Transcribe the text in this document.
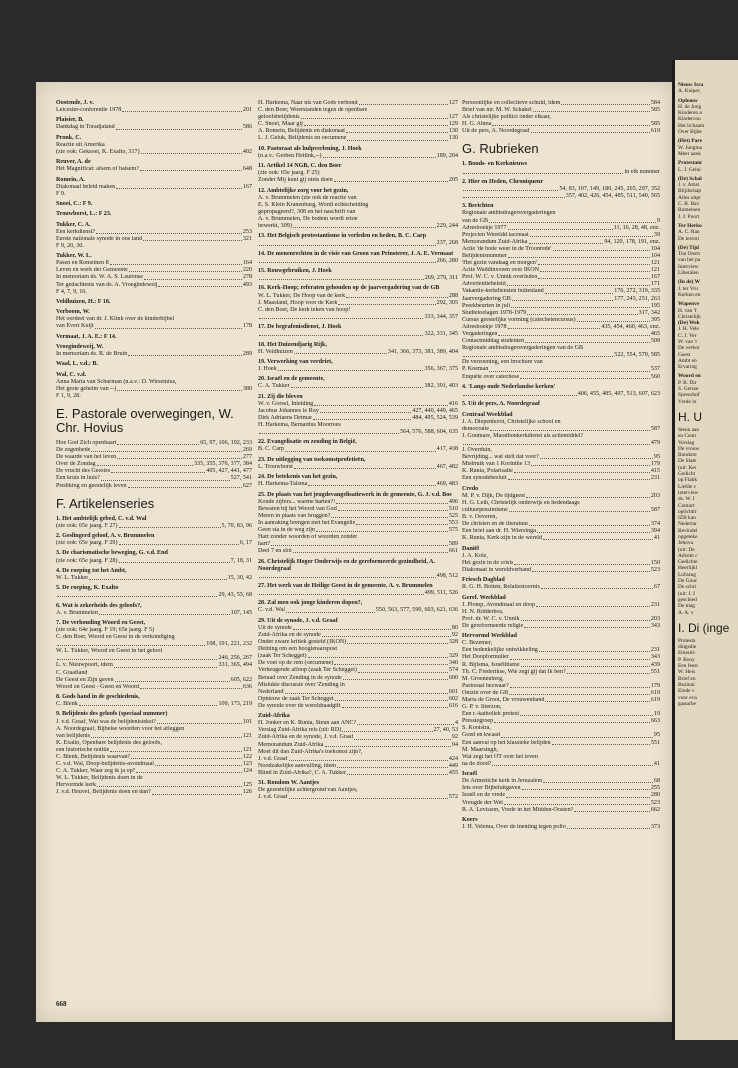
Oostende, J. v.
Leicester-conferentie 1978	201
Plaisier, B.
Dankdag in Toradjaland	586
Pronk, C.
Reactie uit Amerika
(zie ook: Geksoei, K. Exalto, 317)	402
Reuver, A. de
Het Magnificat: afsem of balsem?	648
Romein, A.
Diakonaal beleid maken	167
F 9.
Snoei, C.: F 9.
Trouwborst, L.: F 23.
Tukker, C. A.
Een kerkdienst?	253
Eerste nationale synode in ons land	321
F 9, 20, 30.
Tukker, W. L.
Pasen en Romeinen 8	164
Leven en werk der Gemeente	220
In memoriam ds. W. A. S. Laurense	278
Ter gedachtenis van ds. A. Vroegindeweij	493
F 4, 7, 9, 16.
Veldhuizen, H.: F 18.
Verboom, W.
Het oordeel van dr. J. Klink over de kinderbijbel
van Evert Kuijt	178
Vermaat, J. A. E.: F 14.
Vroegindeweij, W.
In memoriam ds. R. de Bruin	289
Waal, L. v.d.: B.
Wal, C. v.d.
Anna Maria van Schurman (n.a.v.: D. Wirsemius,
Het grote geheim van --)	380
F 1, 9, 28.
E. Pastorale overwegingen, W. Chr. Hovius
Hoe God Zich openbaart	65, 97, 106, 192, 233
De zegenbede	269
De waarde van het leven	277
Over de Zondag	335, 355, 376, 377, 384
De vrucht des Geestes	405, 427, 441, 477
Een kruis in huis?	527, 541
Prediking en geestelijk leven	627
F. Artikelenseries
1. Het ambtelijk gebed, C. v.d. Wal
(zie ook: 65e jaarg. F 27)	5, 70, 83, 96
2. Geslingerd geloof, A. v. Brummelen
(zie ook: 65e jaarg. F 29)	6, 17
3. De charismatische beweging, G. v.d. End
(zie ook: 65e jaarg. F 28)	7, 18, 31
4. De roeping tot het Ambt,
W. L. Tukker	15, 30, 42
5. De roeping, K. Exalto
29, 43, 55, 68
6. Wat is zekerheids des geloofs?,
A. v. Brummelen	107, 145
7. De verhouding Woord en Geest,
(zie ook: 64e jaarg. F 19; 65e jaarg. F 5)
C. den Boer, Woord en Geest in de verkondiging
108, 191, 221, 232
W. L. Tukker, Woord en Geest in het geloof
246, 256, 267
L. v. Nieuwpoort, idem	331, 365, 494
C. Graafland
De Geest en Zijn gaven	605, 622
Woord en Geest - Geest en Woord	636
8. Gods hand in de geschiedenis,
C. Blenk	109, 173, 219
9. Belijdenis des geloofs (speciaal nummer)
J. v.d. Graaf, Wat was de belijdenisiekst?	101
A. Noordegraaf, Bijbelse woorden voor het afleggen
van belijdenis	121
K. Exalto, Openbare belijdenis des geloofs,
een historische notitie	121
C. Blenk, Belijdenis waarvan?	122
C. v.d. Wal, Doop-belijdenis-avondmaal	123
C. A. Tukker, Waar zeg ik ja op?	124
W. L. Tukker, Belijdenis doen in de
Hervormde kerk	125
J. v.d. Heuvel, Belijdenis doen en dan?	126
H. Harkema, Naar nis van Gods verbond	127
C. den Boer, Woerstanden tegen de openbare
geloofsbelijdenis	127
C. Snoei, Maar gij	129
A. Romein, Belijdenis en diakonaat	130
L. J. Geluk, Belijdenis en oecumene	130
10. Pastoraat als hulpverlening, J. Hoek
(n.a.v.: Gerben Heitink,--)	189, 204
11. Artikel 14 NGB, C. den Boer
(zie ook: 65e jaarg. F 25)
Zonder Mij kunt gij niets doen	205
12. Ambtelijke zorg voor het gezin,
A. v. Brummelen (zie ook de reactie van
E. S. Klein Kranenburg, Wordt echtscheiding
gepropageerd?, 308 en het naschrift van
A. v. Brummelen, De bodem wordt ertoe
bewerkt, 309)	229, 244
13. Het Belgisch protestantisme in verleden en heden, B. C. Carp
237, 268
14. De menenrechten in de visie van Groen van Prinsterer, J. A. E. Vermaat
266, 280
15. Rouwgebruiken, J. Hoek
269, 279, 311
16. Kerk-Hoop; referaten gehouden op de jaarvergadering van de GB
W. L. Tukker, De Hoop van de kerk	288
J. Maasland, Hoop voor de Kerk	292, 305
C. den Boer, De kerk teken van hoop!
333, 344, 357
17. De begrafenisdienst, J. Hoek
322, 331, 345
18. Het Duizendjarig Rijk,
H. Veldhuizen	341, 366, 373, 381, 389, 404
19. Verwerking van verdriet,
J. Hoek	356, 367, 375
20. Israël en de gemeente,
C. A. Tukker	382, 391, 403
21. Zij die bleven
W. v. Gorsel, Inleiding	416
Jacobus Johannes le Roy	427, 440, 449, 465
Dirk Adriaens Detmar	484, 495, 524, 539
H. Harkema, Bernardus Moorrees
564, 576, 588, 604, 635
22. Evangelisatie en zending in België,
B. C. Carp	417, 438
23. De uitlegging van toekomstprofetieën,
L. Trouwborst	467, 482
24. De betekenis van het gezin,
H. Harkema-Talsma	469, 483
25. De plaats van het jeugdevangelisatiewerk in de gemeente, G. J. v.d. Bos
Koude zijfers... warme harten?!	496
Bewaren bij het Woord van God	510
Meren in plaats van bruggen?	525
In aanraking brengen met het Evangelie	553
Geen sta in de weg zijn	575
Hart zonder woorden of woorden zonder
hart?	589
Deel 7 en slot	661
26. Christelijk Hoger Onderwijs en de gereformeerde gezindheid, A. Noordegraaf
498, 512
27. Het werk van de Heilige Geest in de gemeente, A. v. Brummelen
499, 511, 526
28. Zal men ook jonge kinderen dopen?,
C. v.d. Wal	550, 563, 577, 590, 603, 621, 636
29. Uit de synode, J. v.d. Graaf
Uit de synode	80
Zuid-Afrika en de synode	92
Onder zware kritiek gesteld (IKON)	328
Deining om een hoogleraarspost
(zaak Ter Schegget)	329
De voet op de rem (oecumene)	340
Verheugende afloop (zaak Ter Schegget)	574
Beraad over Zending in de synode	600
Mislukte discussie over 'Zending in
Nederland'	601
Opnieuw de zaak Ter Schegget	602
De synode over de wereldraadgift	616
Zuid-Afrika
H. Jonker en K. Runia, Steun aan ANC?	4
Verslag Zuid-Afrika reis (uit: RD)	27, 40, 53
Zuid-Afrika en de synode, J. v.d. Graaf	92
Memorandum Zuid-Afrika	94
Moet dit dan Zuid-Afrika's toekomst zijn?,
J. v.d. Graaf	424
Noodzakelijke aanvulling, idem	449
Blind in Zuid-Afrika?, C. A. Tukker	455
31. Rondom W. Aantjes
De gezestelijke achtergrond van Aantjes,
J. v.d. Graaf	572
Persoonlijke en collectieve schuld, idem	584
Brief van mr. M. W. Schakel	585
Als christelijke politici onder elkaar,
H. G. Abma	585
Uit de pers, A. Noordegraaf	619
G. Rubrieken
1. Bonds- en Kerknieuws
in elk nummer
2. Hier en Heden, Chroniqueur
54, 83, 107, 149, 180, 245, 265, 297, 352
357, 402, 426, 454, 485, 511, 540, 565
3. Berichten
Regionale ambtsdragersvergaderingen
van de GB	9
Adresboekje 1977	11, 16, 28, 48, enz.
Projecten Wereldd iaconaat	39
Memorandum Zuid-Afrika	94, 120, 178, 191, enz.
Actie 'de bode weer in de Troonrede'	104
Belijdenisnummer	104
'Het gezin vandaag en morgen'	121
Actie Waddinxveen over IKON	121
Prof. W. C. v. Unnik overleden	167
Advertentiebeleid	171
Vakantie-kerkdiensten buitenland	176, 272, 319, 335
Jaarvergadering GB	177, 243, 251, 263
Preekbeurten in juli	195
Studietoelagen 1978-1979	317, 342
Cursus geestelijke vorming (catechetencursus)	395
Adresboekje 1978	435, 454, 460, 463, enz.
Vergaderingen	465
Contactmiddag studenten	508
Regionale ambtsdragersvergaderingen van de GB
522, 554, 579, 585
De verzoening, een brochure van
P. Koeman	537
Enquête over catechese	560
4. 'Langs oude Nederlandse kerken'
406, 455, 485, 497, 513, 607, 623
5. Uit de pers, A. Noordegraaf
Centraal Weekblad
J. A. Diepenhorst, Christelijke school en
democratie	587
J. Goumare, Marathonkerkdienst als actiemiddel?
479
J. Overduin,
Bevrijding... wat stelt dat voor?	95
Misbruik van 1 Korinthe 13	179
K. Runia, Polarisatie	415
Een synodebesluit	231
Credo
M. P. v. Dijk, De tijdgeest	203
H. G. Leih, Christelijk onderwijs en hedendaags
cultuurpessimisme	587
B. v. Oeveren,
De christen en de literatuur	374
Een brief aan dr. H. Wiersinga	394
K. Runia, Kerk-zijn in de wereld	41
Daniël
J. A. Kole,
Het gezin in de crisis	150
Diakonaat in wereldverband	523
Friesch Dagblad
R. G. H. Boiten, Relatiestoornis	67
Geref. Weekblad
J. Plomp, Avondmaal en doop	231
H. N. Ridderbos,
Prof. dr. W. C. v. Unnik	203
De gereformeerde religie	343
Hervormd Weekblad
C. Bezemer,
Een bedenkelijke ontwikkeling	231
Het Doopformulier	343
R. Bijlsma, Israëlitisme	439
Th. C. Frederikse, Wie zegt gij dat Ik ben?	551
M. Groenenberg,
Pastoraal bezwaar?	179
Omzin over de GB	619
Maria de Groot, De vrouwenhand	619
G. P. v. Itterzon,
Een r.-katholiek protest	19
Pressiegroep	663
S. Kooistra,
Goed en kwaad	95
Een aanval op het klassieke belijden	551
M. Maarsingh,
Wat zegt het OT over het leven
na de dood?	41
Israël
De Armeniche kerk in Jeruzalem	68
Iets over Bijbeluitgaven	255
Israël en de vrede	280
Vreugde der Wet	523
R. A. Levisson, Vrede in het Midden-Oosten?	662
Koers
J. H. Velema, Over de inenting tegen polio	373
668
Nieuw Isra
A. Kuiper,
Ophouw
H. de Jong
Kinderen a
Kindercou
Het lichaam
Over Bijbe
(Het) Pare
W. Jungma
Meer aank
Protestant
L. J. Gelui
(De) Schal
J. v. Amst
Blijdschap
Alles uitpr
C. B. Bav
Romeinen
J. J. Poort
Ter Herko
A. C. Ran
De terrori
(De) Tijd
Ton Oostv
van het pa
Interview
Liberalen
(In de) W
J. ter Vru
Kerken en
Wapenve
H. van 'f
Christelijk
(De) Wek
J. H. Vele
C. J. Ver
W. van 't
De verbor
Geest
Ambt en
Ervaring
Woord en
P. B. Dir
S. Gersse
Spreurhof
Vrede in
H. U
Steun aan
en Centr
Verslag
De vrouw
Rondom
De State
(uit: Ker
Gedicht
op Flakk
Liefde v
interview
ds. W. I
Contact
oprichtir
IZB kan
Nederlar
Bevindel
opgeteke
Jehova
(uit: De
Advent c
Gedichte
Heerlijkl
Lofzang
De Gouc
De schri
(uit: J. I
geschied
De mag
A. A. v
I. Di (inge
Protesta
dingsdie
Emeriti-
P. Bouy
Een feest
W. Heis
Brief en
Bezinni
Einde v
voor eva
gastarbe
